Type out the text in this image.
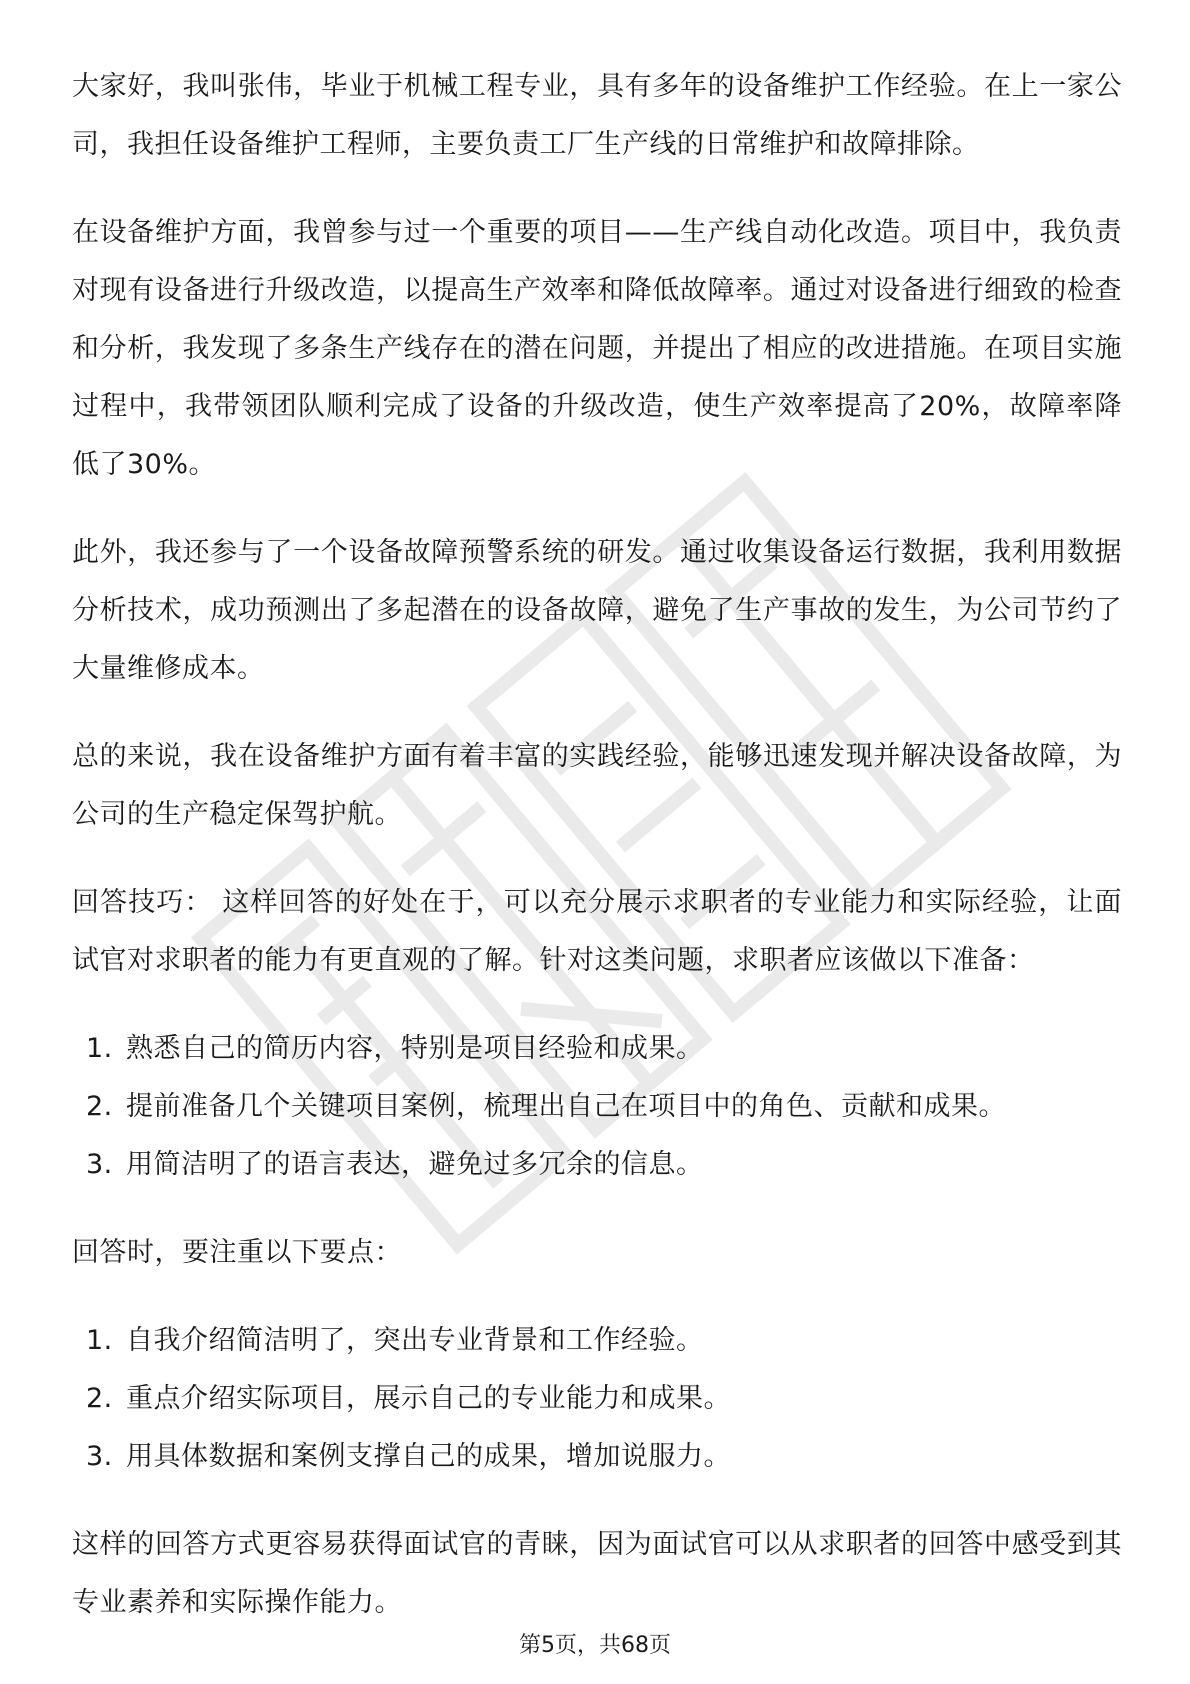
大家好，我叫张伟，毕业于机械工程专业，具有多年的设备维护工作经验。在上一家公司，我担任设备维护工程师，主要负责工厂生产线的日常维护和故障排除。

在设备维护方面，我曾参与过一个重要的项目——生产线自动化改造。项目中，我负责对现有设备进行升级改造，以提高生产效率和降低故障率。通过对设备进行细致的检查和分析，我发现了多条生产线存在的潜在问题，并提出了相应的改进措施。在项目实施过程中，我带领团队顺利完成了设备的升级改造，使生产效率提高了20%，故障率降低了30%。

此外，我还参与了一个设备故障预警系统的研发。通过收集设备运行数据，我利用数据分析技术，成功预测出了多起潜在的设备故障，避免了生产事故的发生，为公司节约了大量维修成本。

总的来说，我在设备维护方面有着丰富的实践经验，能够迅速发现并解决设备故障，为公司的生产稳定保驾护航。

回答技巧： 这样回答的好处在于，可以充分展示求职者的专业能力和实际经验，让面试官对求职者的能力有更直观的了解。针对这类问题，求职者应该做以下准备：

1. 熟悉自己的简历内容，特别是项目经验和成果。
2. 提前准备几个关键项目案例，梳理出自己在项目中的角色、贡献和成果。
3. 用简洁明了的语言表达，避免过多冗余的信息。

回答时，要注重以下要点：

1. 自我介绍简洁明了，突出专业背景和工作经验。
2. 重点介绍实际项目，展示自己的专业能力和成果。
3. 用具体数据和案例支撑自己的成果，增加说服力。

这样的回答方式更容易获得面试官的青睐，因为面试官可以从求职者的回答中感受到其专业素养和实际操作能力。

第5页，共68页
